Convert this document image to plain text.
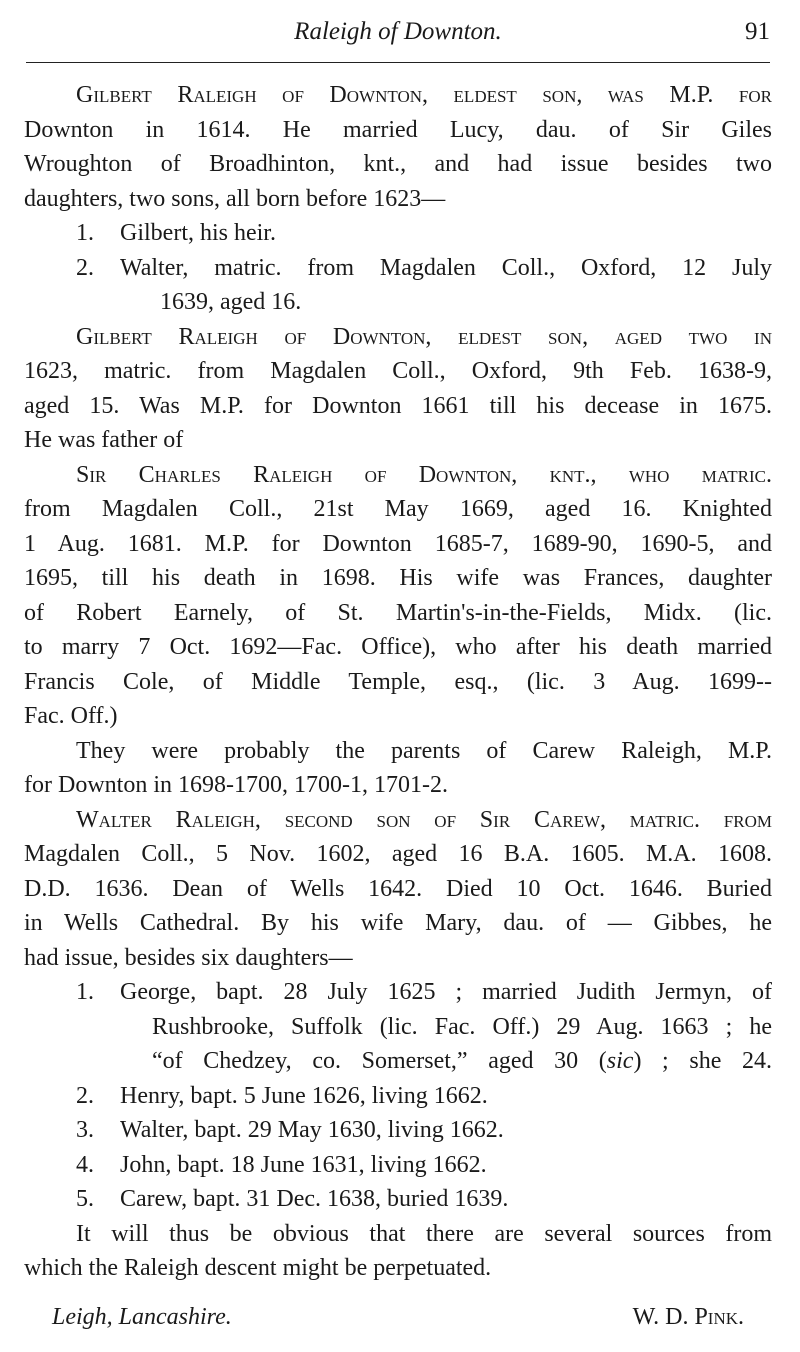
Raleigh of Downton.	91
Gilbert Raleigh of Downton, eldest son, was M.P. for
Downton in 1614. He married Lucy, dau. of Sir Giles
Wroughton of Broadhinton, knt., and had issue besides two
daughters, two sons, all born before 1623—
1. Gilbert, his heir.
2. Walter, matric. from Magdalen Coll., Oxford, 12 July
1639, aged 16.
Gilbert Raleigh of Downton, eldest son, aged two in
1623, matric. from Magdalen Coll., Oxford, 9th Feb. 1638-9,
aged 15. Was M.P. for Downton 1661 till his decease in 1675.
He was father of
Sir Charles Raleigh of Downton, knt., who matric.
from Magdalen Coll., 21st May 1669, aged 16. Knighted
1 Aug. 1681. M.P. for Downton 1685-7, 1689-90, 1690-5, and
1695, till his death in 1698. His wife was Frances, daughter
of Robert Earnely, of St. Martin's-in-the-Fields, Midx. (lic.
to marry 7 Oct. 1692—Fac. Office), who after his death married
Francis Cole, of Middle Temple, esq., (lic. 3 Aug. 1699--
Fac. Off.)
They were probably the parents of Carew Raleigh, M.P.
for Downton in 1698-1700, 1700-1, 1701-2.
Walter Raleigh, second son of Sir Carew, matric. from
Magdalen Coll., 5 Nov. 1602, aged 16 B.A. 1605. M.A. 1608.
D.D. 1636. Dean of Wells 1642. Died 10 Oct. 1646. Buried
in Wells Cathedral. By his wife Mary, dau. of — Gibbes, he
had issue, besides six daughters—
1. George, bapt. 28 July 1625 ; married Judith Jermyn, of
Rushbrooke, Suffolk (lic. Fac. Off.) 29 Aug. 1663 ; he
“of Chedzey, co. Somerset,” aged 30 (sic) ; she 24.
2. Henry, bapt. 5 June 1626, living 1662.
3. Walter, bapt. 29 May 1630, living 1662.
4. John, bapt. 18 June 1631, living 1662.
5. Carew, bapt. 31 Dec. 1638, buried 1639.
It will thus be obvious that there are several sources from
which the Raleigh descent might be perpetuated.
Leigh, Lancashire.	W. D. Pink.
